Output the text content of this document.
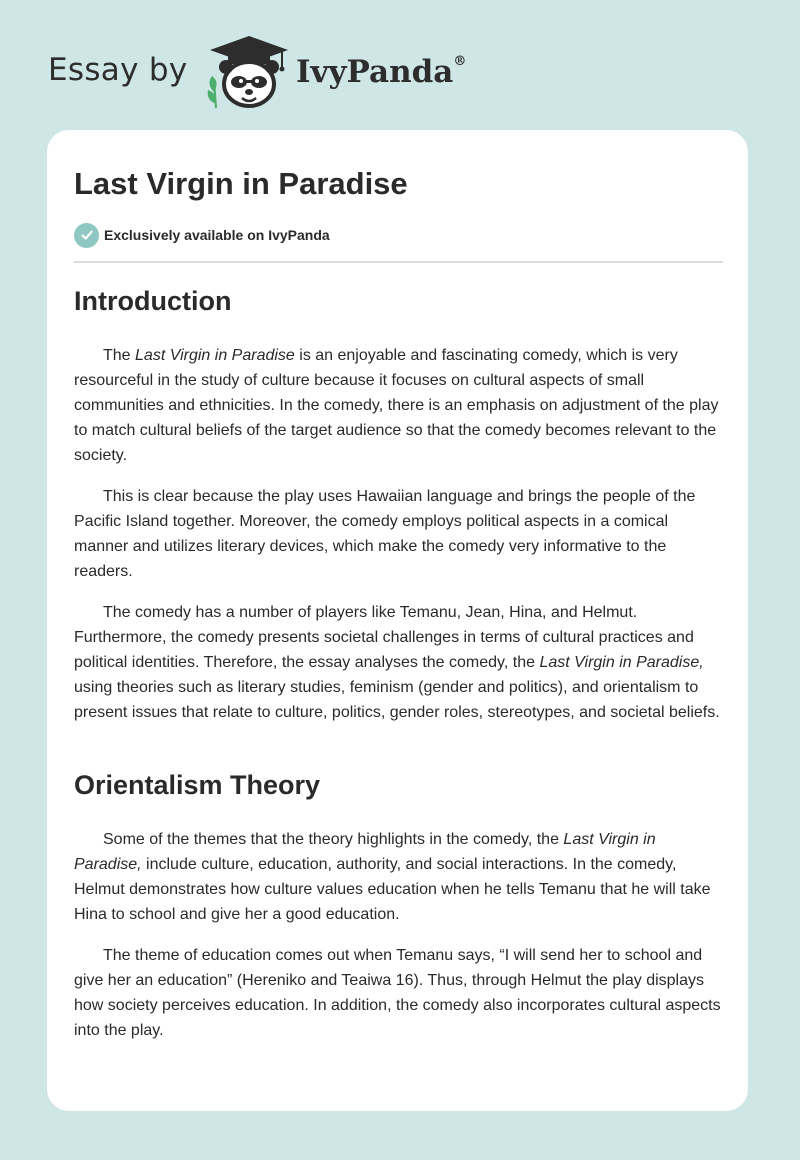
Essay by	IvyPanda®
Last Virgin in Paradise
Exclusively available on IvyPanda
Introduction

The Last Virgin in Paradise is an enjoyable and fascinating comedy, which is very resourceful in the study of culture because it focuses on cultural aspects of small communities and ethnicities. In the comedy, there is an emphasis on adjustment of the play to match cultural beliefs of the target audience so that the comedy becomes relevant to the society.

This is clear because the play uses Hawaiian language and brings the people of the Pacific Island together. Moreover, the comedy employs political aspects in a comical manner and utilizes literary devices, which make the comedy very informative to the readers.

The comedy has a number of players like Temanu, Jean, Hina, and Helmut. Furthermore, the comedy presents societal challenges in terms of cultural practices and political identities. Therefore, the essay analyses the comedy, the Last Virgin in Paradise, using theories such as literary studies, feminism (gender and politics), and orientalism to present issues that relate to culture, politics, gender roles, stereotypes, and societal beliefs.

Orientalism Theory

Some of the themes that the theory highlights in the comedy, the Last Virgin in Paradise, include culture, education, authority, and social interactions. In the comedy, Helmut demonstrates how culture values education when he tells Temanu that he will take Hina to school and give her a good education.

The theme of education comes out when Temanu says, “I will send her to school and give her an education” (Hereniko and Teaiwa 16). Thus, through Helmut the play displays how society perceives education. In addition, the comedy also incorporates cultural aspects into the play.
